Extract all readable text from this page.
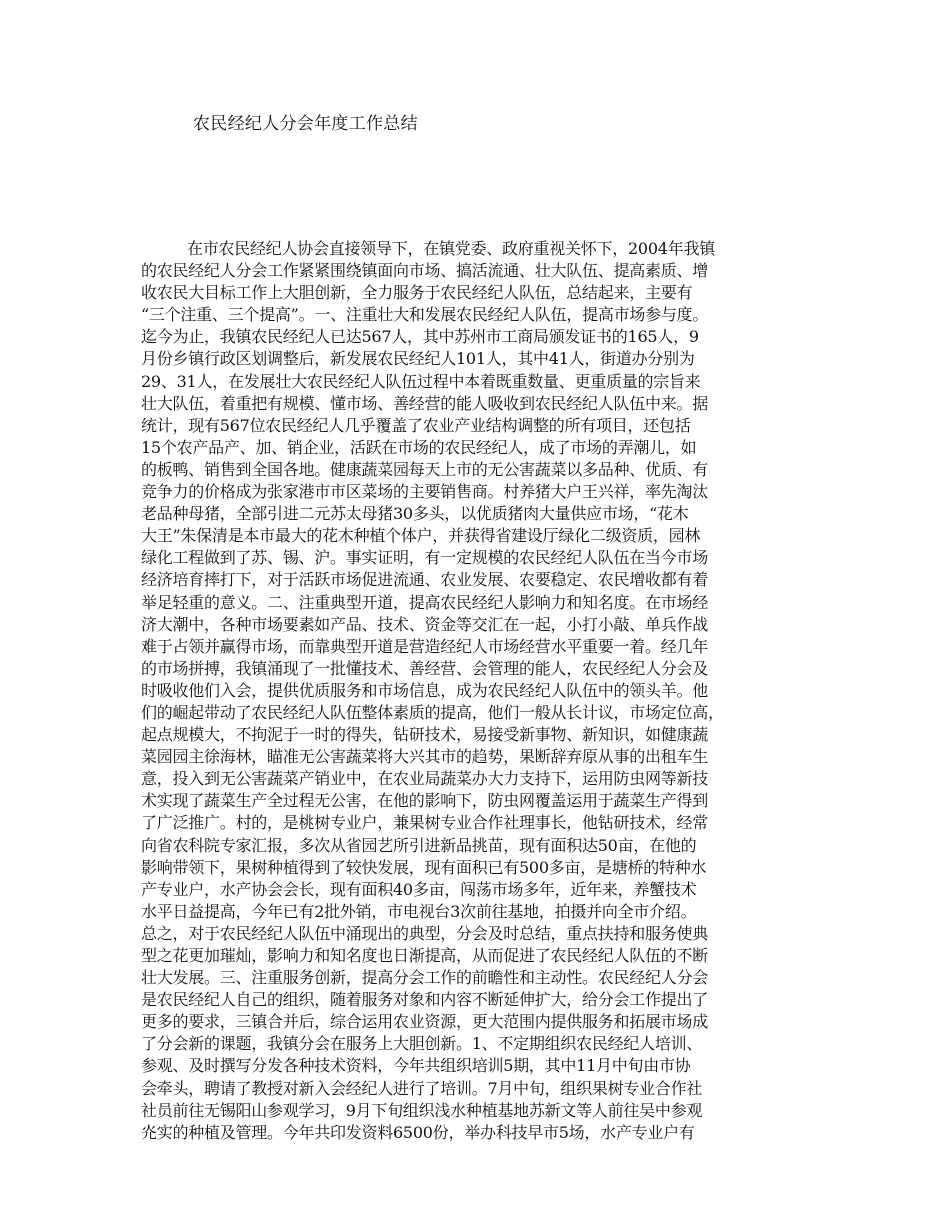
农民经纪人分会年度工作总结
在市农民经纪人协会直接领导下，在镇党委、政府重视关怀下，2004年我镇
的农民经纪人分会工作紧紧围绕镇面向市场、搞活流通、壮大队伍、提高素质、增
收农民大目标工作上大胆创新，全力服务于农民经纪人队伍，总结起来，主要有
“三个注重、三个提高”。一、注重壮大和发展农民经纪人队伍，提高市场参与度。
迄今为止，我镇农民经纪人已达567人，其中苏州市工商局颁发证书的165人，9
月份乡镇行政区划调整后，新发展农民经纪人101人，其中41人，街道办分别为
29、31人，在发展壮大农民经纪人队伍过程中本着既重数量、更重质量的宗旨来
壮大队伍，着重把有规模、懂市场、善经营的能人吸收到农民经纪人队伍中来。据
统计，现有567位农民经纪人几乎覆盖了农业产业结构调整的所有项目，还包括
15个农产品产、加、销企业，活跃在市场的农民经纪人，成了市场的弄潮儿，如
的板鸭、销售到全国各地。健康蔬菜园每天上市的无公害蔬菜以多品种、优质、有
竞争力的价格成为张家港市市区菜场的主要销售商。村养猪大户王兴祥，率先淘汰
老品种母猪，全部引进二元苏太母猪30多头，以优质猪肉大量供应市场，“花木
大王”朱保清是本市最大的花木种植个体户，并获得省建设厅绿化二级资质，园林
绿化工程做到了苏、锡、沪。事实证明，有一定规模的农民经纪人队伍在当今市场
经济培育摔打下，对于活跃市场促进流通、农业发展、农要稳定、农民增收都有着
举足轻重的意义。二、注重典型开道，提高农民经纪人影响力和知名度。在市场经
济大潮中，各种市场要素如产品、技术、资金等交汇在一起，小打小敲、单兵作战
难于占领并赢得市场，而靠典型开道是营造经纪人市场经营水平重要一着。经几年
的市场拼搏，我镇涌现了一批懂技术、善经营、会管理的能人，农民经纪人分会及
时吸收他们入会，提供优质服务和市场信息，成为农民经纪人队伍中的领头羊。他
们的崛起带动了农民经纪人队伍整体素质的提高，他们一般从长计议，市场定位高，
起点规模大，不拘泥于一时的得失，钻研技术，易接受新事物、新知识，如健康蔬
菜园园主徐海林，瞄准无公害蔬菜将大兴其市的趋势，果断辞弃原从事的出租车生
意，投入到无公害蔬菜产销业中，在农业局蔬菜办大力支持下，运用防虫网等新技
术实现了蔬菜生产全过程无公害，在他的影响下，防虫网覆盖运用于蔬菜生产得到
了广泛推广。村的，是桃树专业户，兼果树专业合作社理事长，他钻研技术，经常
向省农科院专家汇报，多次从省园艺所引进新品挑苗，现有面积达50亩，在他的
影响带领下，果树种植得到了较快发展，现有面积已有500多亩，是塘桥的特种水
产专业户，水产协会会长，现有面积40多亩，闯荡市场多年，近年来，养蟹技术
水平日益提高，今年已有2批外销，市电视台3次前往基地，拍摄并向全市介绍。
总之，对于农民经纪人队伍中涌现出的典型，分会及时总结，重点扶持和服务使典
型之花更加璀灿，影响力和知名度也日渐提高，从而促进了农民经纪人队伍的不断
壮大发展。三、注重服务创新，提高分会工作的前瞻性和主动性。农民经纪人分会
是农民经纪人自己的组织，随着服务对象和内容不断延伸扩大，给分会工作提出了
更多的要求，三镇合并后，综合运用农业资源，更大范围内提供服务和拓展市场成
了分会新的课题，我镇分会在服务上大胆创新。1、不定期组织农民经纪人培训、
参观、及时撰写分发各种技术资料，今年共组织培训5期，其中11月中旬由市协
会牵头，聘请了教授对新入会经纪人进行了培训。7月中旬，组织果树专业合作社
社员前往无锡阳山参观学习，9月下旬组织浅水种植基地苏新文等人前往吴中参观
灮实的种植及管理。今年共印发资料6500份，举办科技早市5场，水产专业户有
